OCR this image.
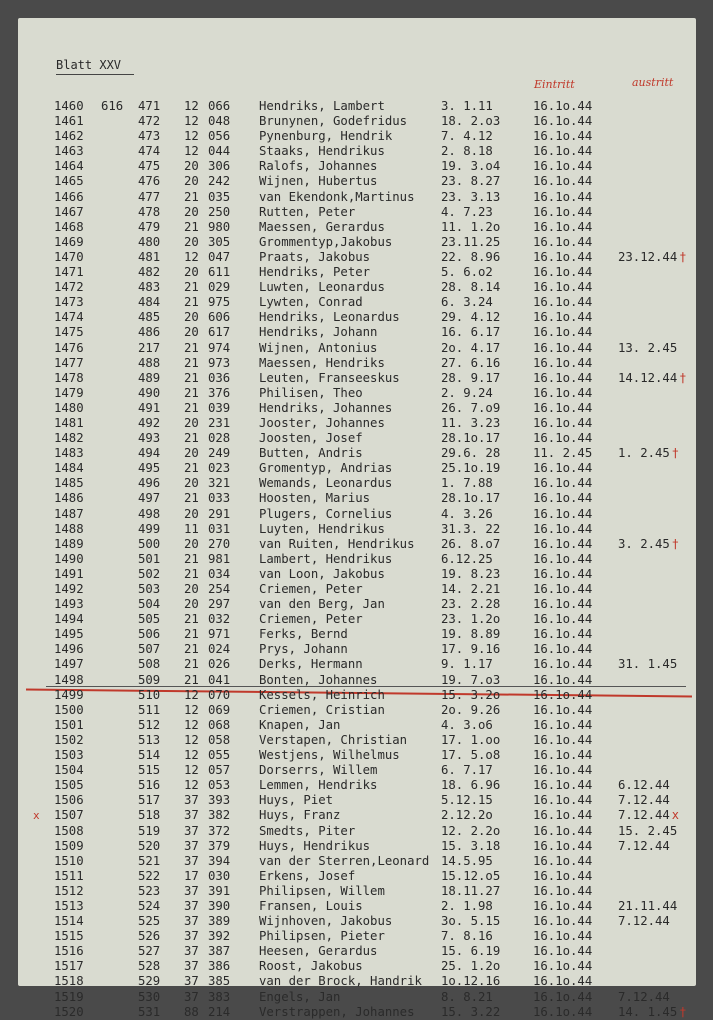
Blatt XXV
Eintritt	austritt
1460 616 471 12 066 Hendriks, Lambert	3. 1.11	16.1o.44
1461	472 12 048 Brunynen, Godefridus	18. 2.o3	16.1o.44
1462	473 12 056 Pynenburg, Hendrik	7. 4.12	16.1o.44
1463	474 12 044 Staaks, Hendrikus	2. 8.18	16.1o.44
1464	475 20 306 Ralofs, Johannes	19. 3.o4	16.1o.44
1465	476 20 242 Wijnen, Hubertus	23. 8.27	16.1o.44
1466	477 21 035 van Ekendonk,Martinus 23. 3.13	16.1o.44
1467	478 20 250 Rutten, Peter	4. 7.23	16.1o.44
1468	479 21 980 Maessen, Gerardus	11. 1.2o	16.1o.44
1469	480 20 305 Grommentyp,Jakobus	23.11.25	16.1o.44
1470	481 12 047 Praats, Jakobus	22. 8.96	16.1o.44 23.12.44 †
1471	482 20 611 Hendriks, Peter	5. 6.o2	16.1o.44
1472	483 21 029 Luwten, Leonardus	28. 8.14	16.1o.44
1473	484 21 975 Lywten, Conrad	6. 3.24	16.1o.44
1474	485 20 606 Hendriks, Leonardus	29. 4.12	16.1o.44
1475	486 20 617 Hendriks, Johann	16. 6.17	16.1o.44
1476	217 21 974 Wijnen, Antonius	2o. 4.17	16.1o.44 13. 2.45
1477	488 21 973 Maessen, Hendriks	27. 6.16	16.1o.44
1478	489 21 036 Leuten, Franseeskus	28. 9.17	16.1o.44 14.12.44 †
1479	490 21 376 Philisen, Theo	2. 9.24	16.1o.44
1480	491 21 039 Hendriks, Johannes	26. 7.o9	16.1o.44
1481	492 20 231 Jooster, Johannes	11. 3.23	16.1o.44
1482	493 21 028 Joosten, Josef	28.1o.17	16.1o.44
1483	494 20 249 Butten, Andris	29.6. 28	11. 2.45 1. 2.45 †
1484	495 21 023 Gromentyp, Andrias	25.1o.19	16.1o.44
1485	496 20 321 Wemands, Leonardus	1. 7.88	16.1o.44
1486	497 21 033 Hoosten, Marius	28.1o.17	16.1o.44
1487	498 20 291 Plugers, Cornelius	4. 3.26	16.1o.44
1488	499 11 031 Luyten, Hendrikus	31.3. 22	16.1o.44
1489	500 20 270 van Ruiten, Hendrikus 26. 8.o7	16.1o.44 3. 2.45 †
1490	501 21 981 Lambert, Hendrikus	6.12.25	16.1o.44
1491	502 21 034 van Loon, Jakobus	19. 8.23	16.1o.44
1492	503 20 254 Criemen, Peter	14. 2.21	16.1o.44
1493	504 20 297 van den Berg, Jan	23. 2.28	16.1o.44
1494	505 21 032 Criemen, Peter	23. 1.2o	16.1o.44
1495	506 21 971 Ferks, Bernd	19. 8.89	16.1o.44
1496	507 21 024 Prys, Johann	17. 9.16	16.1o.44
1497	508 21 026 Derks, Hermann	9. 1.17	16.1o.44 31. 1.45
1498	509 21 041 Bonten, Johannes	19. 7.o3	16.1o.44
1499	510 12 070 Kessels, Heinrich	15. 3.2o	16.1o.44
1500	511 12 069 Criemen, Cristian	2o. 9.26	16.1o.44
1501	512 12 068 Knapen, Jan	4. 3.o6	16.1o.44
1502	513 12 058 Verstapen, Christian	17. 1.oo	16.1o.44
1503	514 12 055 Westjens, Wilhelmus	17. 5.o8	16.1o.44
1504	515 12 057 Dorserrs, Willem	6. 7.17	16.1o.44
1505	516 12 053 Lemmen, Hendriks	18. 6.96	16.1o.44 6.12.44
1506	517 37 393 Huys, Piet	5.12.15	16.1o.44 7.12.44
x 1507	518 37 382 Huys, Franz	2.12.2o	16.1o.44 7.12.44 x
1508	519 37 372 Smedts, Piter	12. 2.2o	16.1o.44 15. 2.45
1509	520 37 379 Huys, Hendrikus	15. 3.18	16.1o.44 7.12.44
1510	521 37 394 van der Sterren,Leonard 14.5.95	16.1o.44
1511	522 17 030 Erkens, Josef	15.12.o5	16.1o.44
1512	523 37 391 Philipsen, Willem	18.11.27	16.1o.44
1513	524 37 390 Fransen, Louis	2. 1.98	16.1o.44 21.11.44
1514	525 37 389 Wijnhoven, Jakobus	3o. 5.15	16.1o.44 7.12.44
1515	526 37 392 Philipsen, Pieter	7. 8.16	16.1o.44
1516	527 37 387 Heesen, Gerardus	15. 6.19	16.1o.44
1517	528 37 386 Roost, Jakobus	25. 1.2o	16.1o.44
1518	529 37 385 van der Brock, Handrik 1o.12.16	16.1o.44
1519	530 37 383 Engels, Jan	8. 8.21	16.1o.44 7.12.44
1520	531 88 214 Verstrappen, Johannes 15. 3.22	16.1o.44 14. 1.45 †
